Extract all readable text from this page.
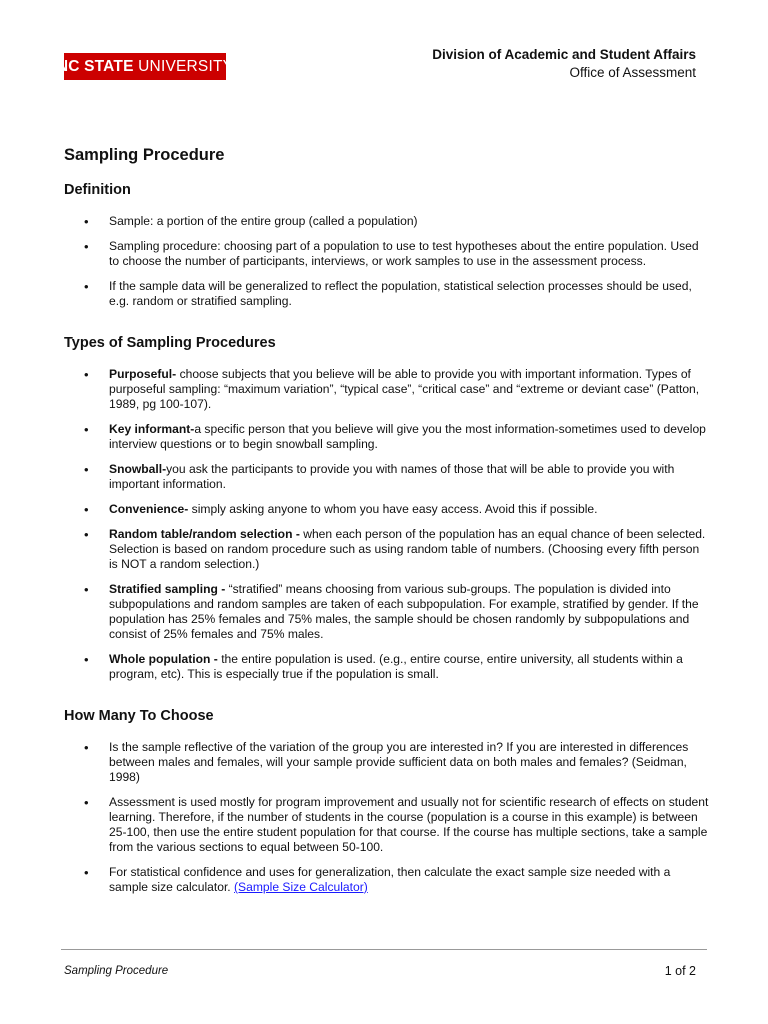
NC STATE
UNIVERSITY
Division of Academic and Student Affairs
Office of Assessment
Sampling Procedure
Definition
• Sample: a portion of the entire group (called a population)
• Sampling procedure: choosing part of a population to use to test hypotheses about the entire population. Used to choose the number of participants, interviews, or work samples to use in the assessment process.
• If the sample data will be generalized to reflect the population, statistical selection processes should be used, e.g. random or stratified sampling.
Types of Sampling Procedures
• Purposeful- choose subjects that you believe will be able to provide you with important information. Types of purposeful sampling: “maximum variation”, “typical case”, “critical case” and “extreme or deviant case” (Patton, 1989, pg 100-107).
• Key informant-a specific person that you believe will give you the most information-sometimes used to develop interview questions or to begin snowball sampling.
• Snowball-you ask the participants to provide you with names of those that will be able to provide you with important information.
• Convenience- simply asking anyone to whom you have easy access. Avoid this if possible.
• Random table/random selection - when each person of the population has an equal chance of been selected. Selection is based on random procedure such as using random table of numbers. (Choosing every fifth person is NOT a random selection.)
• Stratified sampling - “stratified” means choosing from various sub-groups. The population is divided into subpopulations and random samples are taken of each subpopulation. For example, stratified by gender. If the population has 25% females and 75% males, the sample should be chosen randomly by subpopulations and consist of 25% females and 75% males.
• Whole population - the entire population is used. (e.g., entire course, entire university, all students within a program, etc). This is especially true if the population is small.
How Many To Choose
• Is the sample reflective of the variation of the group you are interested in? If you are interested in differences between males and females, will your sample provide sufficient data on both males and females? (Seidman, 1998)
• Assessment is used mostly for program improvement and usually not for scientific research of effects on student learning. Therefore, if the number of students in the course (population is a course in this example) is between 25-100, then use the entire student population for that course. If the course has multiple sections, take a sample from the various sections to equal between 50-100.
• For statistical confidence and uses for generalization, then calculate the exact sample size needed with a sample size calculator. (Sample Size Calculator)
Sampling Procedure	1 of 2
